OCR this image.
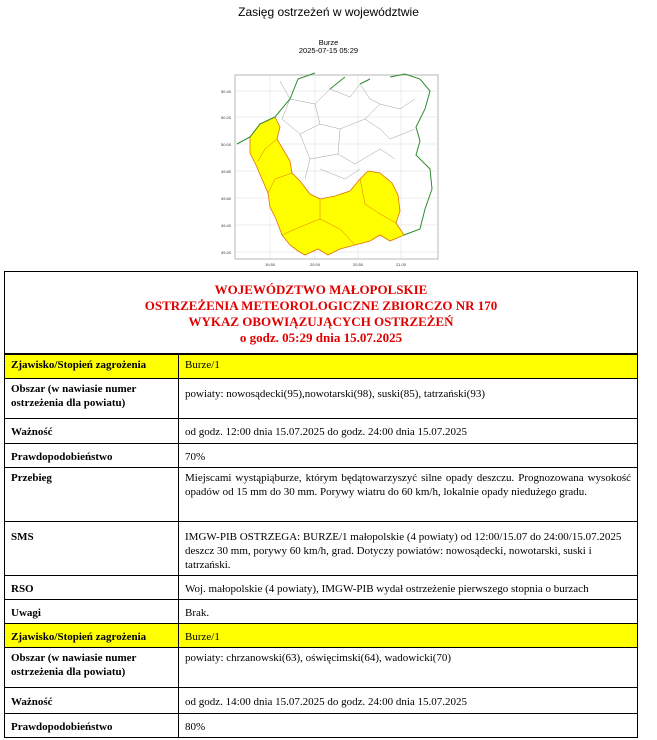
Zasięg ostrzeżeń w województwie
Burze
2025-07-15 05:29
50.40
50.20
50.00
49.80
49.60
49.40
49.20
19.50	20.00	20.50	21.00
WOJEWÓDZTWO MAŁOPOLSKIE
OSTRZEŻENIA METEOROLOGICZNE ZBIORCZO NR 170
WYKAZ OBOWIĄZUJĄCYCH OSTRZEŻEŃ
o godz. 05:29 dnia 15.07.2025
Zjawisko/Stopień zagrożenia	Burze/1
Obszar (w nawiasie numer ostrzeżenia dla powiatu)	powiaty: nowosądecki(95),nowotarski(98), suski(85), tatrzański(93)
Ważność	od godz. 12:00 dnia 15.07.2025 do godz. 24:00 dnia 15.07.2025
Prawdopodobieństwo	70%
Przebieg	Miejscami wystąpiąburze, którym będątowarzyszyć silne opady deszczu. Prognozowana wysokość opadów od 15 mm do 30 mm. Porywy wiatru do 60 km/h, lokalnie opady niedużego gradu.
SMS	IMGW-PIB OSTRZEGA: BURZE/1 małopolskie (4 powiaty) od 12:00/15.07 do 24:00/15.07.2025 deszcz 30 mm, porywy 60 km/h, grad. Dotyczy powiatów: nowosądecki, nowotarski, suski i tatrzański.
RSO	Woj. małopolskie (4 powiaty), IMGW-PIB wydał ostrzeżenie pierwszego stopnia o burzach
Uwagi	Brak.
Zjawisko/Stopień zagrożenia	Burze/1
Obszar (w nawiasie numer ostrzeżenia dla powiatu)	powiaty: chrzanowski(63), oświęcimski(64), wadowicki(70)
Ważność	od godz. 14:00 dnia 15.07.2025 do godz. 24:00 dnia 15.07.2025
Prawdopodobieństwo	80%
